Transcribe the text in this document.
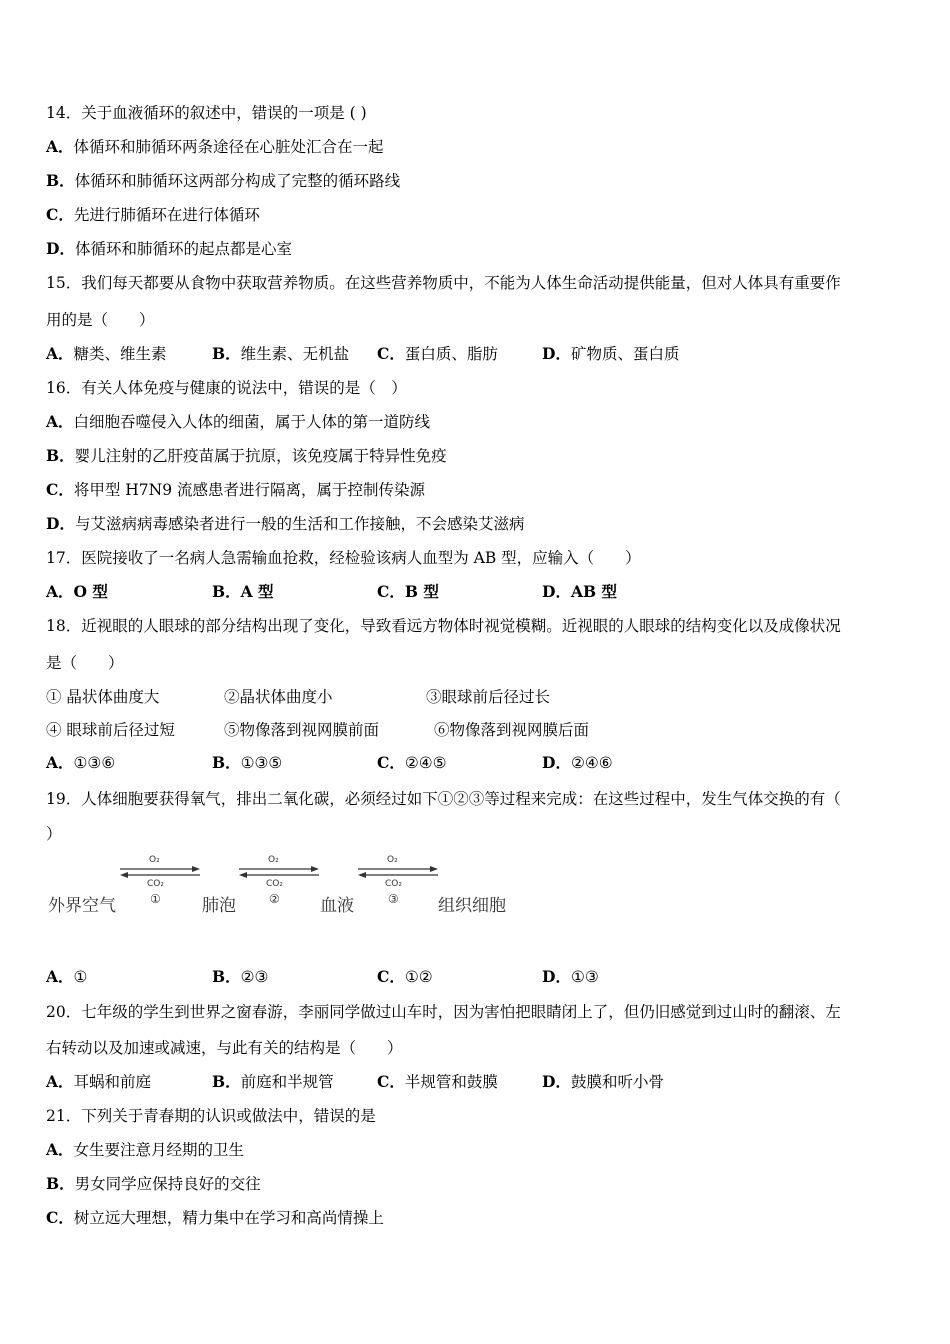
14．关于血液循环的叙述中，错误的一项是 ( )
A．体循环和肺循环两条途径在心脏处汇合在一起
B．体循环和肺循环这两部分构成了完整的循环路线
C．先进行肺循环在进行体循环
D．体循环和肺循环的起点都是心室
15．我们每天都要从食物中获取营养物质。在这些营养物质中，不能为人体生命活动提供能量，但对人体具有重要作
用的是（　　）
A．糖类、维生素	B．维生素、无机盐 C．蛋白质、脂肪	D．矿物质、蛋白质
16．有关人体免疫与健康的说法中，错误的是（　）
A．白细胞吞噬侵入人体的细菌，属于人体的第一道防线
B．婴儿注射的乙肝疫苗属于抗原，该免疫属于特异性免疫
C．将甲型 H7N9 流感患者进行隔离，属于控制传染源
D．与艾滋病病毒感染者进行一般的生活和工作接触，不会感染艾滋病
17．医院接收了一名病人急需输血抢救，经检验该病人血型为 AB 型，应输入（　　）
A．O 型	B．A 型	C．B 型	D．AB 型
18．近视眼的人眼球的部分结构出现了变化，导致看远方物体时视觉模糊。近视眼的人眼球的结构变化以及成像状况
是（　　）
① 晶状体曲度大	②晶状体曲度小	③眼球前后径过长
④ 眼球前后径过短	⑤物像落到视网膜前面	⑥物像落到视网膜后面
A．①③⑥	B．①③⑤	C．②④⑤	D．②④⑥
19．人体细胞要获得氧气，排出二氧化碳，必须经过如下①②③等过程来完成：在这些过程中，发生气体交换的有（
）
外界空气	肺泡	血液	组织细胞
O₂
CO₂
①
O₂
CO₂
②
O₂
CO₂
③
A．①	B．②③	C．①②	D．①③
20．七年级的学生到世界之窗春游，李丽同学做过山车时，因为害怕把眼睛闭上了，但仍旧感觉到过山时的翻滚、左
右转动以及加速或减速，与此有关的结构是（　　）
A．耳蜗和前庭	B．前庭和半规管	C．半规管和鼓膜	D．鼓膜和听小骨
21．下列关于青春期的认识或做法中，错误的是
A．女生要注意月经期的卫生
B．男女同学应保持良好的交往
C．树立远大理想，精力集中在学习和高尚情操上
